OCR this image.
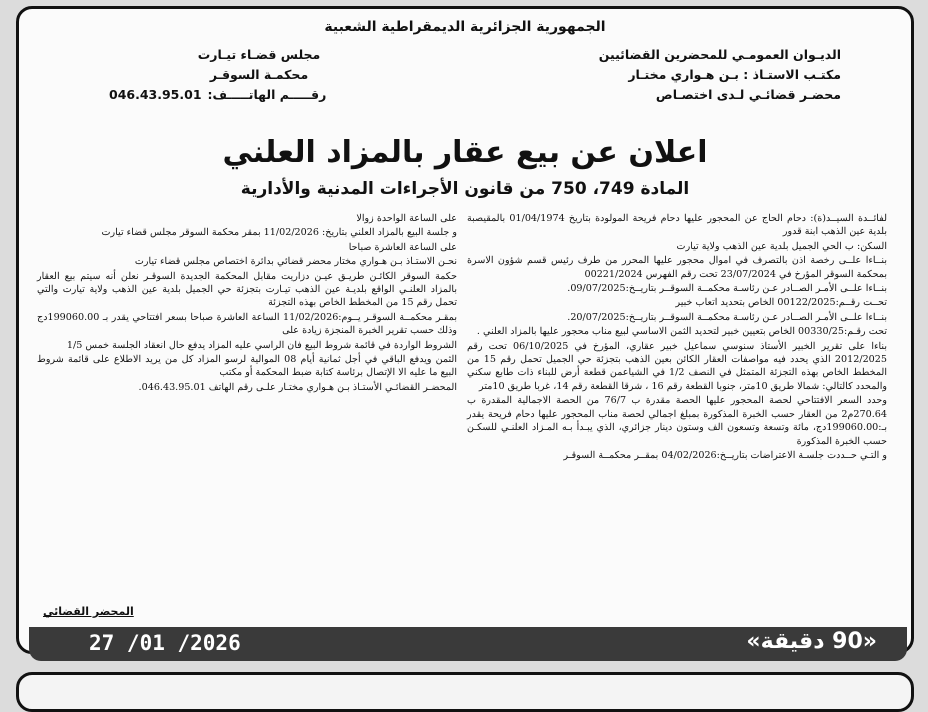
الجمهورية الجزائرية الديمقراطية الشعبية
الديـوان العمومـي للمحضرين القضائيين
مكتـب الاستـاذ : بـن هـواري مختـار
محضـر قضائـي لـدى اختصـاص
مجلس قضـاء تيـارت
محكمـة السوقـر
046.43.95.01 رقـــــم الهاتـــــف:
اعلان عن بيع عقار بالمزاد العلني
المادة 749، 750 من قانون الأجراءات المدنية والأدارية

لفائــدة السيــد(ة): دحام الحاج عن المحجور عليها دحام فريحة المولودة بتاريخ 01/04/1974 بالمقيصبة بلدية عين الذهب ابنة قدور

السكن: ب الحي الجميل بلدية عين الذهب ولاية تيارت

بنــاءا علــى رخصة اذن بالتصرف في اموال محجور عليها المحرر من طرف رئيس قسم شؤون الاسرة بمحكمة السوقر المؤرخ في 23/07/2024 تحت رقم الفهرس 00221/2024

بنــاءا علــى الأمـر الصــادر عـن رئاسـة محكمــة السوقــر بتاريــخ:09/07/2025.

تحــت رقــم:00122/2025 الخاص بتحديد اتعاب خبير

بنــاءا علــى الأمـر الصــادر عـن رئاسـة محكمــة السوقــر بتاريــخ:20/07/2025.

تحت رقـم:00330/25 الخاص بتعيين خبير لتحديد الثمن الاساسي لبيع مناب محجور عليها بالمزاد العلني .

بناءا على تقرير الخبير الأستاذ سنوسي سماعيل خبير عقاري، المؤرخ في 06/10/2025 تحت رقم 2012/2025 الذي يحدد فيه مواصفات العقار الكائن بعين الذهب بتجزئة حي الجميل تحمل رقم 15 من المخطط الخاص بهذه التجزئة المتمثل في النصف 1/2 في الشياعمن قطعة أرض للبناء ذات طابع سكني والمحدد كالتالي: شمالا طريق 10متر، جنوبا القطعة رقم 16 ، شرقا القطعة رقم 14، غربا طريق 10متر

وحدد السعر الافتتاحي لحصة المحجور عليها الحصة مقدرة ب 76/7 من الحصة الاجمالية المقدرة ب 270.64م2 من العقار حسب الخبرة المذكورة بمبلغ اجمالي لحصة مناب المحجور عليها دحام فريحة يقدر بـ:199060.00دج، مائة وتسعة وتسعون الف وستون دينار جزائري، الذي يبـدأ بـه المـزاد العلنـي للسكـن حسب الخبرة المذكورة

و التـي حــددت جلسـة الاعتراضات بتاريــخ:04/02/2026 بمقــر محكمــة السوقـر

على الساعة الواحدة زوالا

و جلسة البيع بالمزاد العلني بتاريخ: 11/02/2026 بمقر محكمة السوقر مجلس قضاء تيارت

على الساعة العاشرة صباحا

نحـن الاستـاذ بـن هـواري مختار محضر قضائي بدائرة اختصاص مجلس قضاء تيارت

حكمة السوقر الكائـن طريـق عيـن دزاريت مقابل المحكمة الجديدة السوقـر نعلن أنه سيتم بيع العقار بالمزاد العلنـي الواقع بلديـة عين الذهب تيـارت بتجزئة حي الجميل بلدية عين الذهب ولاية تيارت والتي تحمل رقم 15 من المخطط الخاص بهذه التجزئة

بمقـر محكمــة السوقـر يــوم:11/02/2026 الساعة العاشرة صباحا بسعر افتتاحي يقدر بـ 199060.00دج وذلك حسب تقرير الخبرة المنجزة زيادة على

الشروط الواردة في قائمة شروط البيع فان الراسي عليه المزاد يدفع حال انعقاد الجلسة خمس 1/5

الثمن ويدفع الباقي في أجل ثمانية أيام 08 الموالية لرسو المزاد كل من يريد الاطلاع على قائمة شروط البيع ما عليه الا الإتصال برئاسة كتابة ضبط المحكمة أو مكتب

المحضـر القضائـي الأستـاذ بـن هـواري مختـار علـى رقم الهاتف 046.43.95.01.

المحضر القضائي
27 /01 /2026	«90 دقيقة»
